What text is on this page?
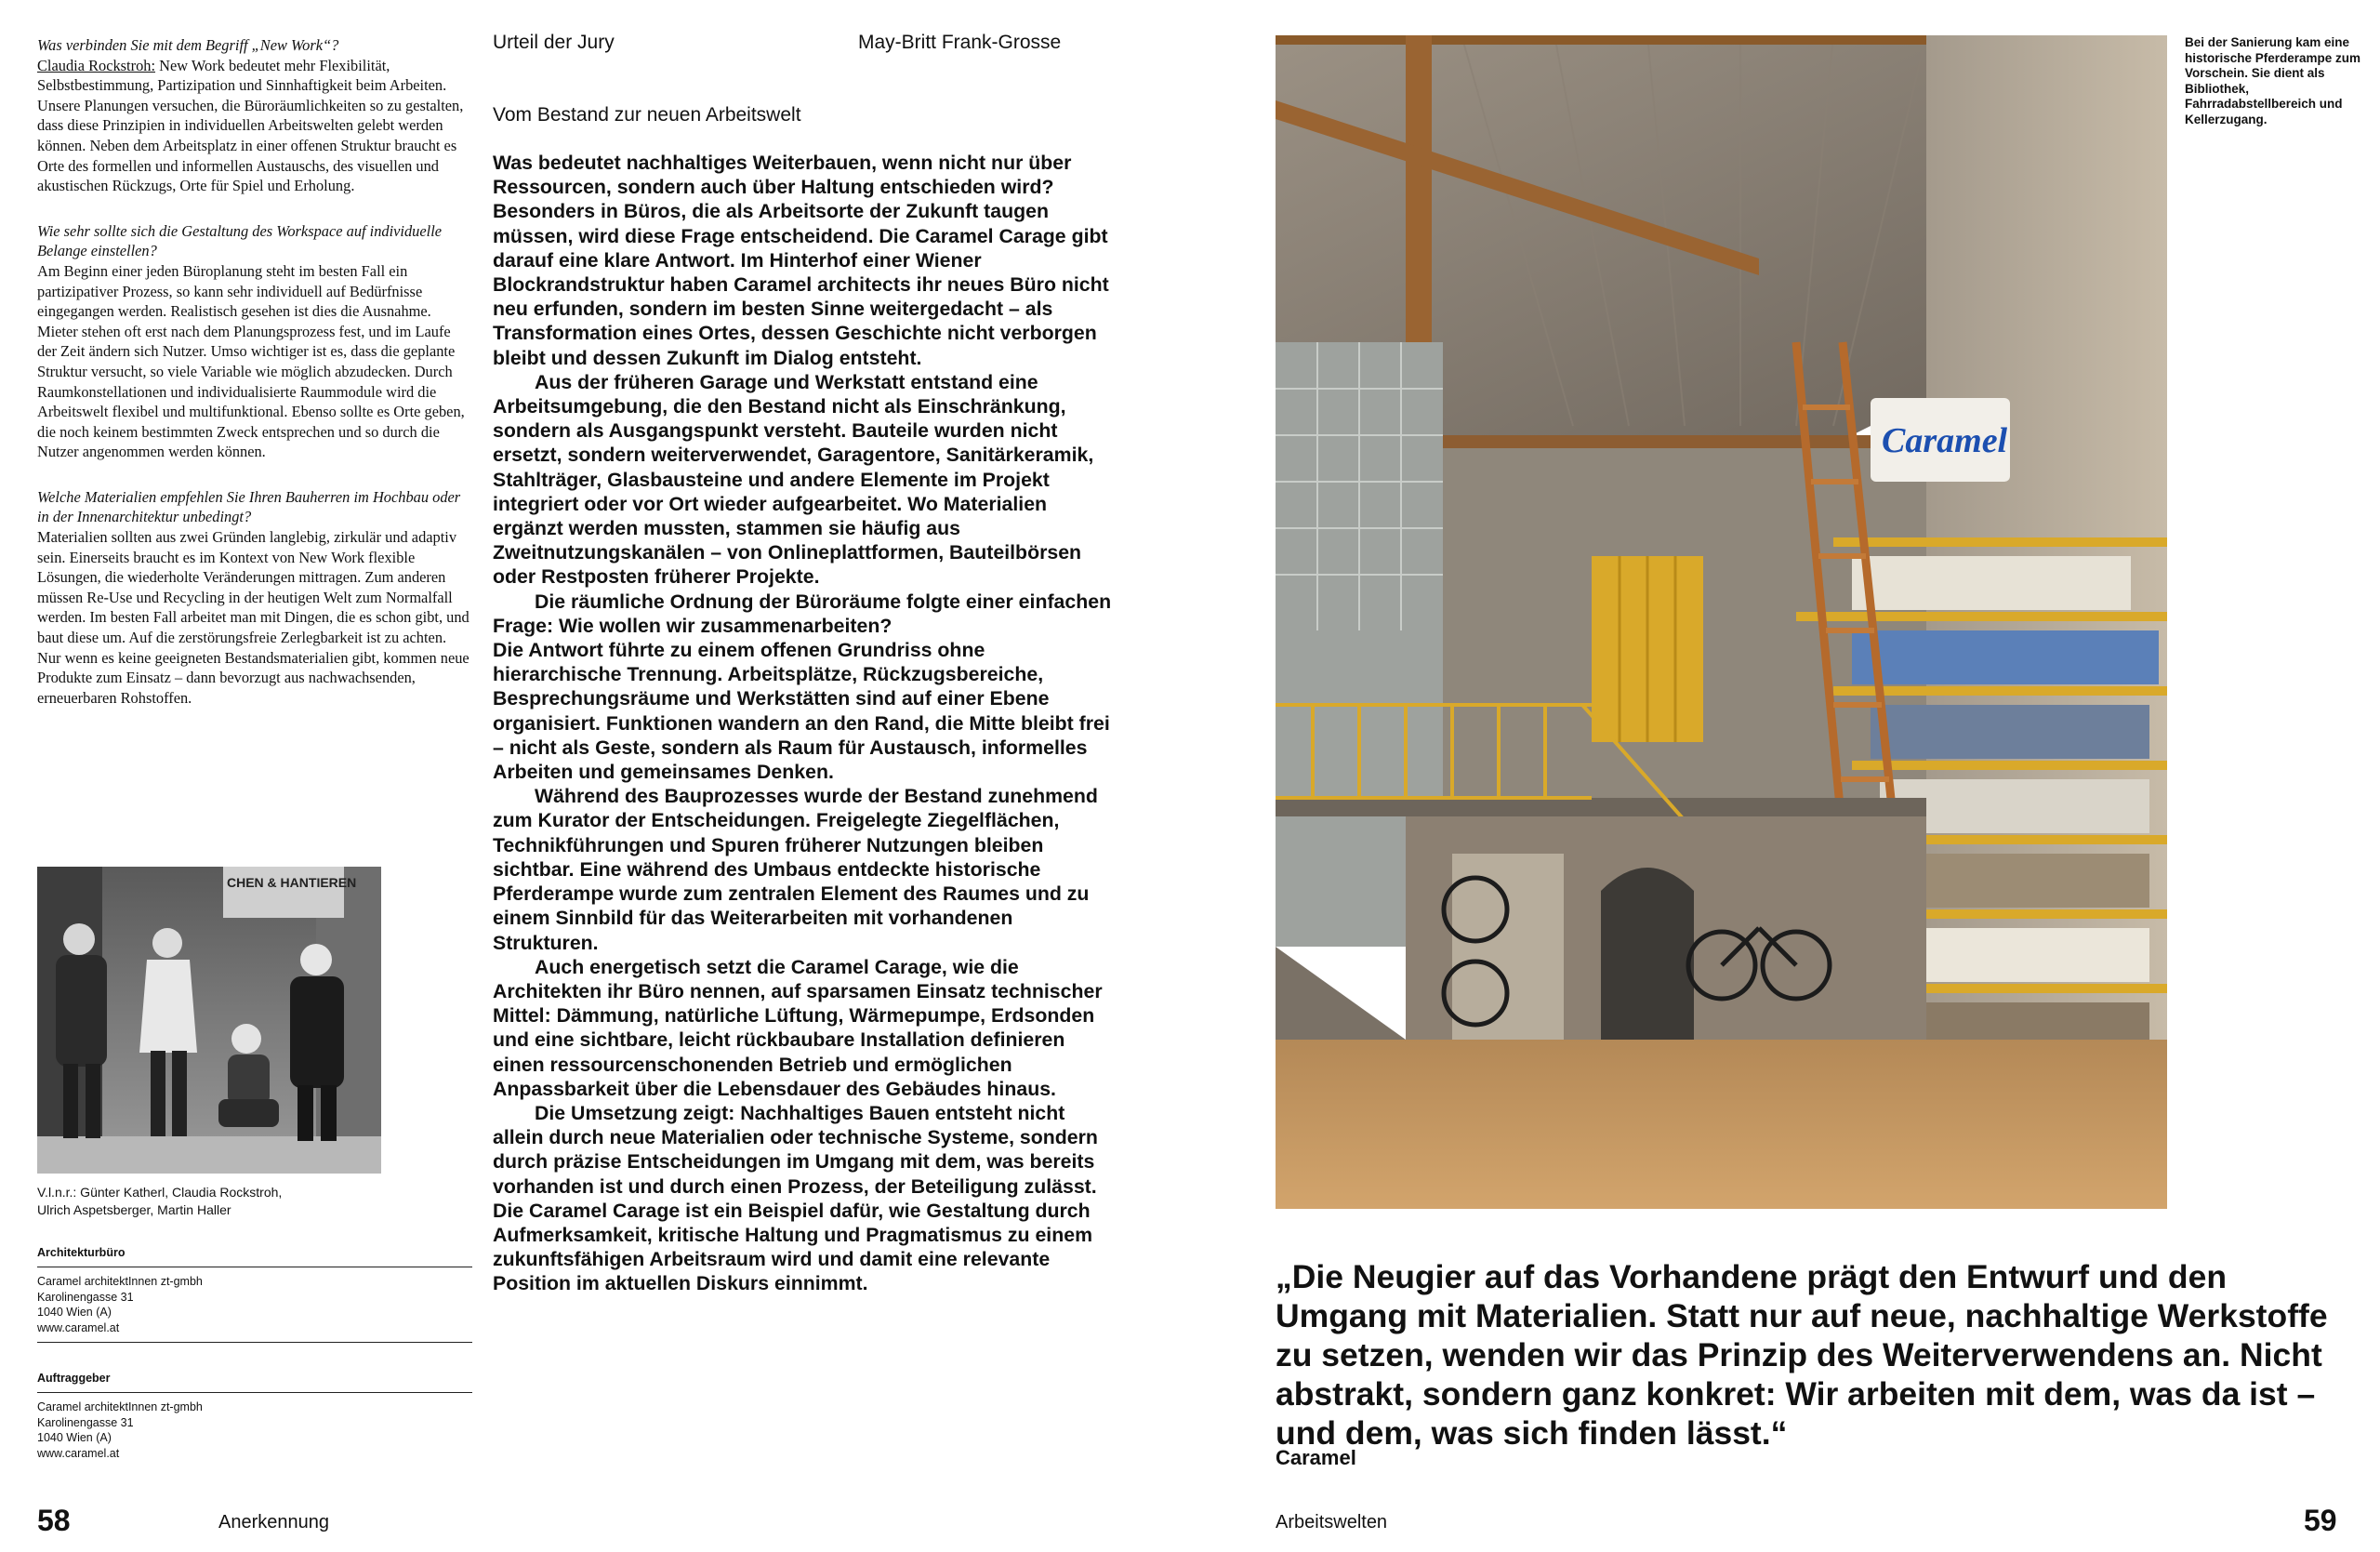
Was verbinden Sie mit dem Begriff „New Work“?
Claudia Rockstroh: New Work bedeutet mehr Flexibilität, Selbstbestimmung, Partizipation und Sinnhaftigkeit beim Arbeiten. Unsere Planungen versuchen, die Büroräumlichkeiten so zu gestalten, dass diese Prinzipien in individuellen Arbeitswelten gelebt werden können. Neben dem Arbeitsplatz in einer offenen Struktur braucht es Orte des formellen und informellen Austauschs, des visuellen und akustischen Rückzugs, Orte für Spiel und Erholung.
Wie sehr sollte sich die Gestaltung des Workspace auf individuelle Belange einstellen?
Am Beginn einer jeden Büroplanung steht im besten Fall ein partizipativer Prozess, so kann sehr individuell auf Bedürfnisse eingegangen werden. Realistisch gesehen ist dies die Ausnahme. Mieter stehen oft erst nach dem Planungsprozess fest, und im Laufe der Zeit ändern sich Nutzer. Umso wichtiger ist es, dass die geplante Struktur versucht, so viele Variable wie möglich abzudecken. Durch Raumkonstellationen und individualisierte Raummodule wird die Arbeitswelt flexibel und multifunktional. Ebenso sollte es Orte geben, die noch keinem bestimmten Zweck entsprechen und so durch die Nutzer angenommen werden können.
Welche Materialien empfehlen Sie Ihren Bauherren im Hochbau oder in der Innenarchitektur unbedingt?
Materialien sollten aus zwei Gründen langlebig, zirkulär und adaptiv sein. Einerseits braucht es im Kontext von New Work flexible Lösungen, die wiederholte Veränderungen mittragen. Zum anderen müssen Re-Use und Recycling in der heutigen Welt zum Normalfall werden. Im besten Fall arbeitet man mit Dingen, die es schon gibt, und baut diese um. Auf die zerstörungsfreie Zerlegbarkeit ist zu achten. Nur wenn es keine geeigneten Bestandsmaterialien gibt, kommen neue Produkte zum Einsatz – dann bevorzugt aus nachwachsenden, erneuerbaren Rohstoffen.
CHEN & HANTIEREN
V.l.n.r.: Günter Katherl, Claudia Rockstroh,
Ulrich Aspetsberger, Martin Haller
Architekturbüro
Caramel architektInnen zt-gmbh
Karolinengasse 31
1040 Wien (A)
www.caramel.at
Auftraggeber
Caramel architektInnen zt-gmbh
Karolinengasse 31
1040 Wien (A)
www.caramel.at
58	Anerkennung
Urteil der Jury	May-Britt Frank-Grosse
Vom Bestand zur neuen Arbeitswelt

Was bedeutet nachhaltiges Weiterbauen, wenn nicht nur über Ressourcen, sondern auch über Haltung entschieden wird? Besonders in Büros, die als Arbeitsorte der Zukunft taugen müssen, wird diese Frage entscheidend. Die Caramel Carage gibt darauf eine klare Antwort. Im Hinterhof einer Wiener Blockrandstruktur haben Caramel architects ihr neues Büro nicht neu erfunden, sondern im besten Sinne weitergedacht – als Transformation eines Ortes, dessen Geschichte nicht verborgen bleibt und dessen Zukunft im Dialog entsteht.

Aus der früheren Garage und Werkstatt entstand eine Arbeitsumgebung, die den Bestand nicht als Einschränkung, sondern als Ausgangspunkt versteht. Bauteile wurden nicht ersetzt, sondern weiterverwendet, Garagentore, Sanitärkeramik, Stahlträger, Glasbausteine und andere Elemente im Projekt integriert oder vor Ort wieder aufgearbeitet. Wo Materialien ergänzt werden mussten, stammen sie häufig aus Zweitnutzungskanälen – von Onlineplattformen, Bauteilbörsen oder Restposten früherer Projekte.

Die räumliche Ordnung der Büroräume folgte einer einfachen Frage: Wie wollen wir zusammenarbeiten?

Die Antwort führte zu einem offenen Grundriss ohne hierarchische Trennung. Arbeitsplätze, Rückzugsbereiche, Besprechungsräume und Werkstätten sind auf einer Ebene organisiert. Funktionen wandern an den Rand, die Mitte bleibt frei – nicht als Geste, sondern als Raum für Austausch, informelles Arbeiten und gemeinsames Denken.

Während des Bauprozesses wurde der Bestand zunehmend zum Kurator der Entscheidungen. Freigelegte Ziegelflächen, Technikführungen und Spuren früherer Nutzungen bleiben sichtbar. Eine während des Umbaus entdeckte historische Pferderampe wurde zum zentralen Element des Raumes und zu einem Sinnbild für das Weiterarbeiten mit vorhandenen Strukturen.

Auch energetisch setzt die Caramel Carage, wie die Architekten ihr Büro nennen, auf sparsamen Einsatz technischer Mittel: Dämmung, natürliche Lüftung, Wärmepumpe, Erdsonden und eine sichtbare, leicht rückbaubare Installation definieren einen ressourcenschonenden Betrieb und ermöglichen Anpassbarkeit über die Lebensdauer des Gebäudes hinaus.

Die Umsetzung zeigt: Nachhaltiges Bauen entsteht nicht allein durch neue Materialien oder technische Systeme, sondern durch präzise Entscheidungen im Umgang mit dem, was bereits vorhanden ist und durch einen Prozess, der Beteiligung zulässt. Die Caramel Carage ist ein Beispiel dafür, wie Gestaltung durch Aufmerksamkeit, kritische Haltung und Pragmatismus zu einem zukunftsfähigen Arbeitsraum wird und damit eine relevante Position im aktuellen Diskurs einnimmt.

Caramel
Bei der Sanierung kam eine historische Pferderampe zum Vorschein. Sie dient als Bibliothek, Fahrradabstellbereich und Kellerzugang.
„Die Neugier auf das Vorhandene prägt den Entwurf und den Umgang mit Materialien. Statt nur auf neue, nachhaltige Werkstoffe zu setzen, wenden wir das Prinzip des Weiterverwendens an. Nicht abstrakt, sondern ganz konkret: Wir arbeiten mit dem, was da ist – und dem, was sich finden lässt.“
Caramel
Arbeitswelten	59
